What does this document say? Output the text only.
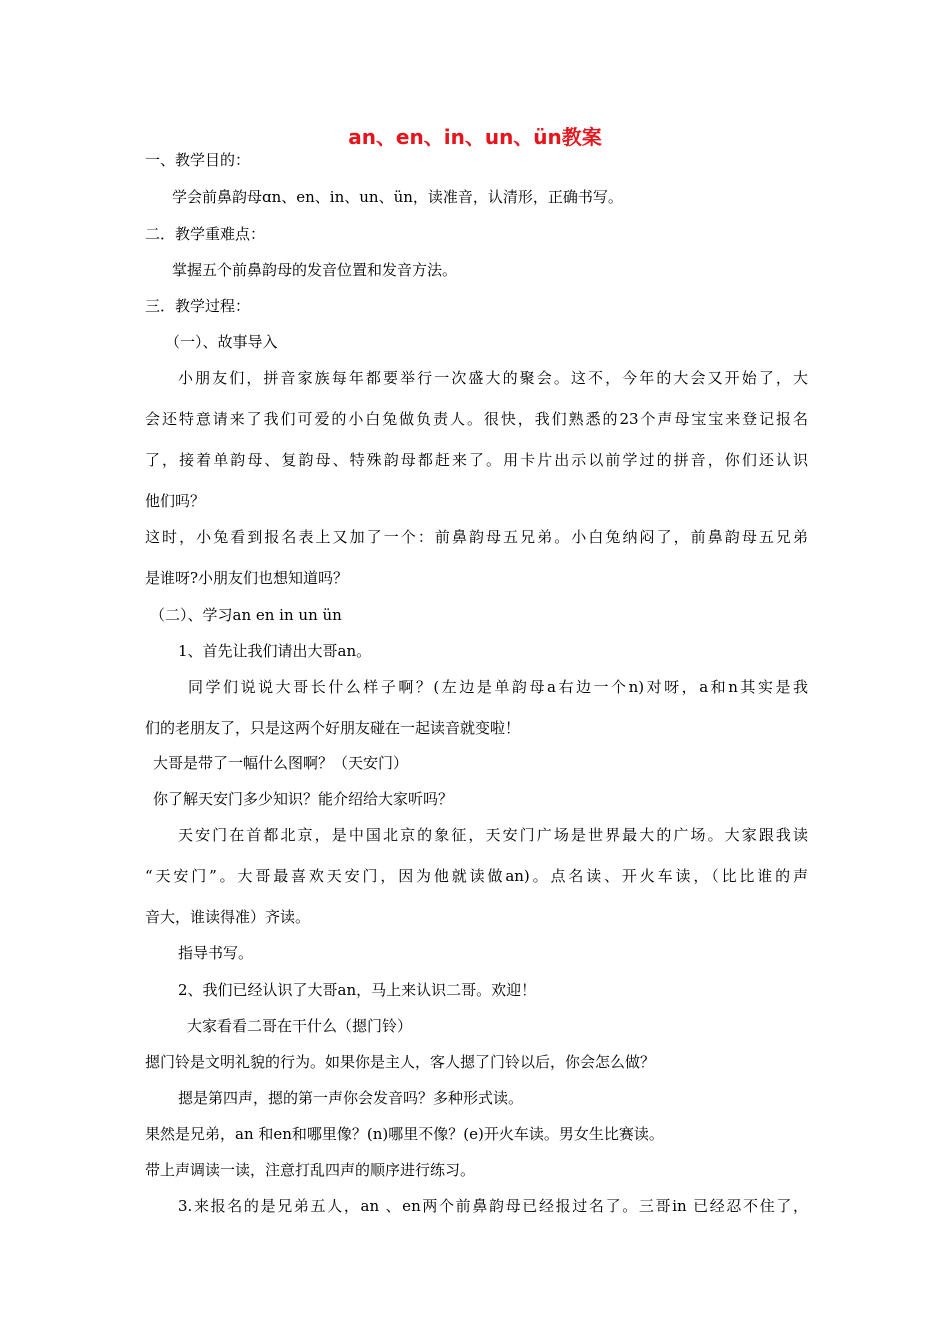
an、en、in、un、ün教案
一、教学目的：
学会前鼻韵母ɑn、en、in、un、ün，读准音，认清形，正确书写。
二．教学重难点：
掌握五个前鼻韵母的发音位置和发音方法。
三．教学过程：
（一）、故事导入
小朋友们，拼音家族每年都要举行一次盛大的聚会。这不，今年的大会又开始了，大
会还特意请来了我们可爱的小白兔做负责人。很快，我们熟悉的23个声母宝宝来登记报名
了，接着单韵母、复韵母、特殊韵母都赶来了。用卡片出示以前学过的拼音，你们还认识
他们吗？
这时，小兔看到报名表上又加了一个：前鼻韵母五兄弟。小白兔纳闷了，前鼻韵母五兄弟
是谁呀?小朋友们也想知道吗？
（二）、学习an en in un ün
1、首先让我们请出大哥an。
同学们说说大哥长什么样子啊？(左边是单韵母a右边一个n)对呀，a和n其实是我
们的老朋友了，只是这两个好朋友碰在一起读音就变啦！
大哥是带了一幅什么图啊？（天安门）
你了解天安门多少知识？能介绍给大家听吗？
天安门在首都北京，是中国北京的象征，天安门广场是世界最大的广场。大家跟我读
“天安门”。大哥最喜欢天安门，因为他就读做an)。点名读、开火车读，（比比谁的声
音大，谁读得准）齐读。
指导书写。
2、我们已经认识了大哥an，马上来认识二哥。欢迎！
大家看看二哥在干什么（摁门铃）
摁门铃是文明礼貌的行为。如果你是主人，客人摁了门铃以后，你会怎么做？
摁是第四声，摁的第一声你会发音吗？多种形式读。
果然是兄弟，an 和en和哪里像？(n)哪里不像？(e)开火车读。男女生比赛读。
带上声调读一读，注意打乱四声的顺序进行练习。
3.来报名的是兄弟五人，an 、en两个前鼻韵母已经报过名了。三哥in 已经忍不住了，
